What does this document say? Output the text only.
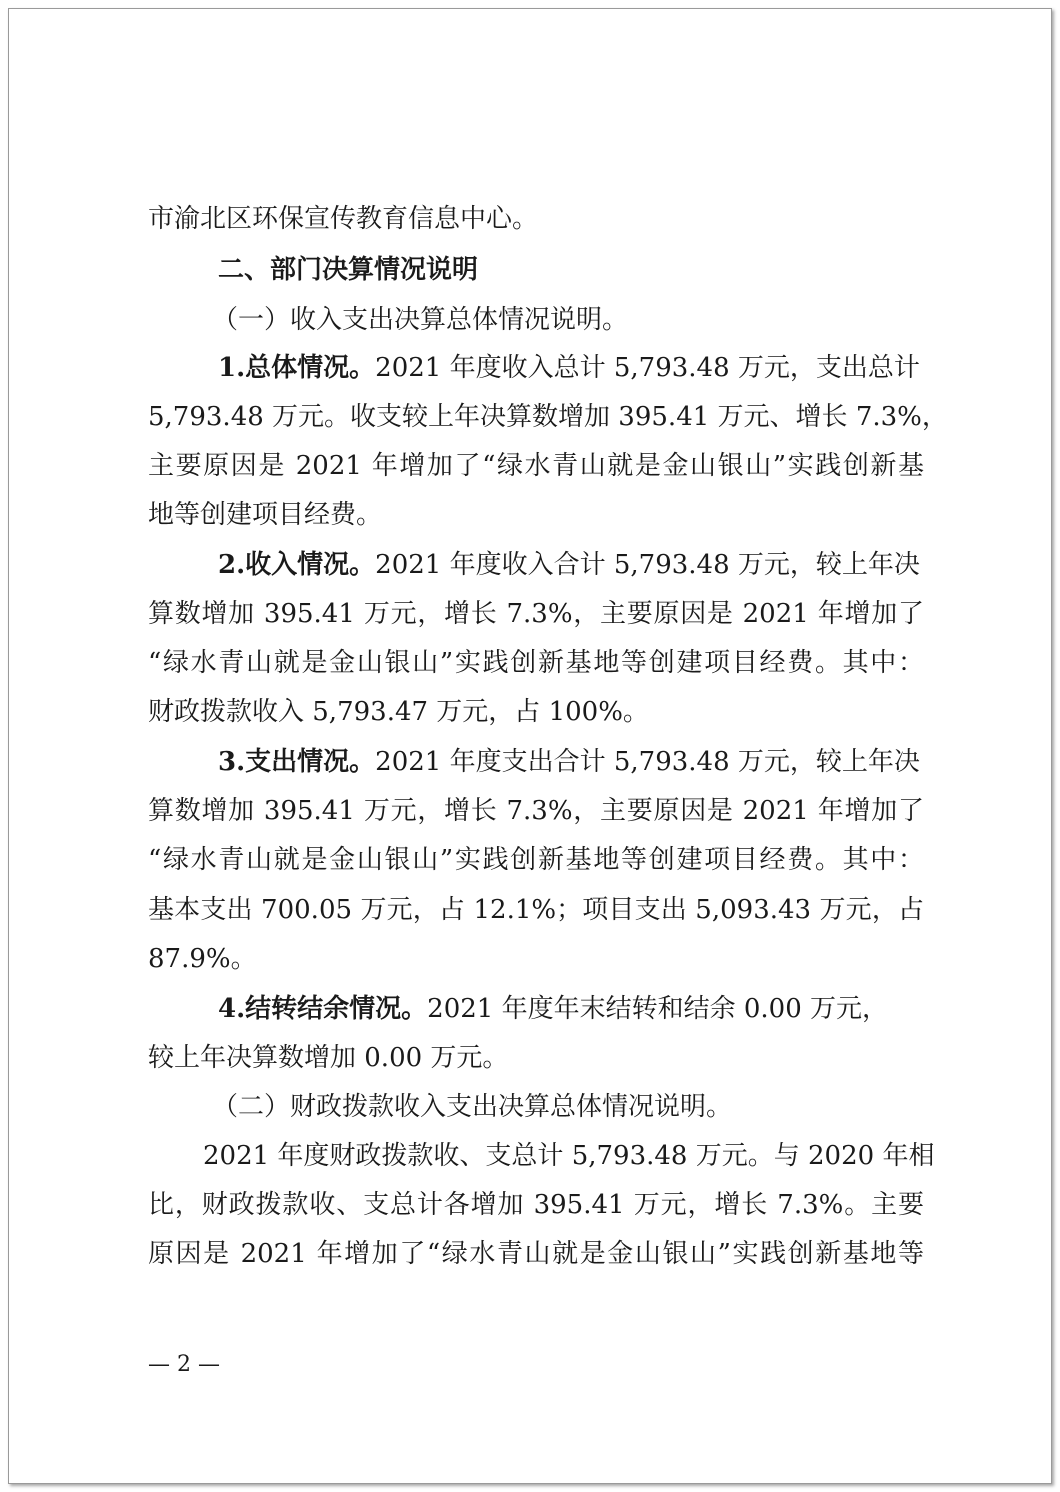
市渝北区环保宣传教育信息中心。
二、部门决算情况说明
（一）收入支出决算总体情况说明。
1.总体情况。2021 年度收入总计 5,793.48 万元，支出总计
5,793.48 万元。收支较上年决算数增加 395.41 万元、增长 7.3%，
主要原因是 2021 年增加了“绿水青山就是金山银山”实践创新基
地等创建项目经费。
2.收入情况。2021 年度收入合计 5,793.48 万元，较上年决
算数增加 395.41 万元，增长 7.3%，主要原因是 2021 年增加了
“绿水青山就是金山银山”实践创新基地等创建项目经费。其中：
财政拨款收入 5,793.47 万元，占 100%。
3.支出情况。2021 年度支出合计 5,793.48 万元，较上年决
算数增加 395.41 万元，增长 7.3%，主要原因是 2021 年增加了
“绿水青山就是金山银山”实践创新基地等创建项目经费。其中：
基本支出 700.05 万元，占 12.1%；项目支出 5,093.43 万元，占
87.9%。
4.结转结余情况。2021 年度年末结转和结余 0.00 万元，
较上年决算数增加 0.00 万元。
（二）财政拨款收入支出决算总体情况说明。
2021 年度财政拨款收、支总计 5,793.48 万元。与 2020 年相
比，财政拨款收、支总计各增加 395.41 万元，增长 7.3%。主要
原因是 2021 年增加了“绿水青山就是金山银山”实践创新基地等
— 2 —
